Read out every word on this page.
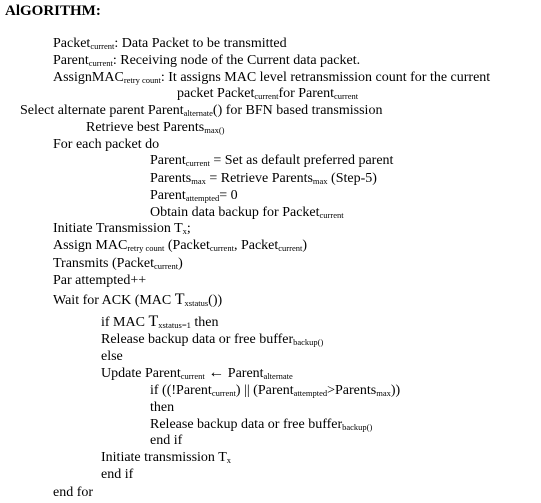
AlGORITHM:
Packet$_{current}$: Data Packet to be transmitted
Parent$_{current}$: Receiving node of the Current data packet.
AssignMAC$_{retry count}$: It assigns MAC level retransmission count for the current
packet Packet$_{current}$for Parent$_{current}$
Select alternate parent Parent$_{alternate}$() for BFN based transmission
Retrieve best Parents$_{max()}$
For each packet do
Parent$_{current}$ = Set as default preferred parent
Parents$_{max}$ = Retrieve Parents$_{max}$ (Step-5)
Parent$_{attempted}$= 0
Obtain data backup for Packet$_{current}$
Initiate Transmission $T_x$;
Assign $MAC_{retry count}$ (Packet$_{current}$, Packet$_{current}$)
Transmits (Packet$_{current}$)
Par attempted++
Wait for ACK (MAC $T_{xstatus}()$)
if MAC $T_{xstatus=1}$ then
Release backup data or free buffer$_{backup()}$
else
Update Parent$_{current}$ ← Parent$_{alternate}$
if ((!Parent$_{current}$) || (Parent$_{attempted}$>Parents$_{max}$))
then
Release backup data or free buffer$_{backup()}$
end if
Initiate transmission $T_x$
end if
end for
